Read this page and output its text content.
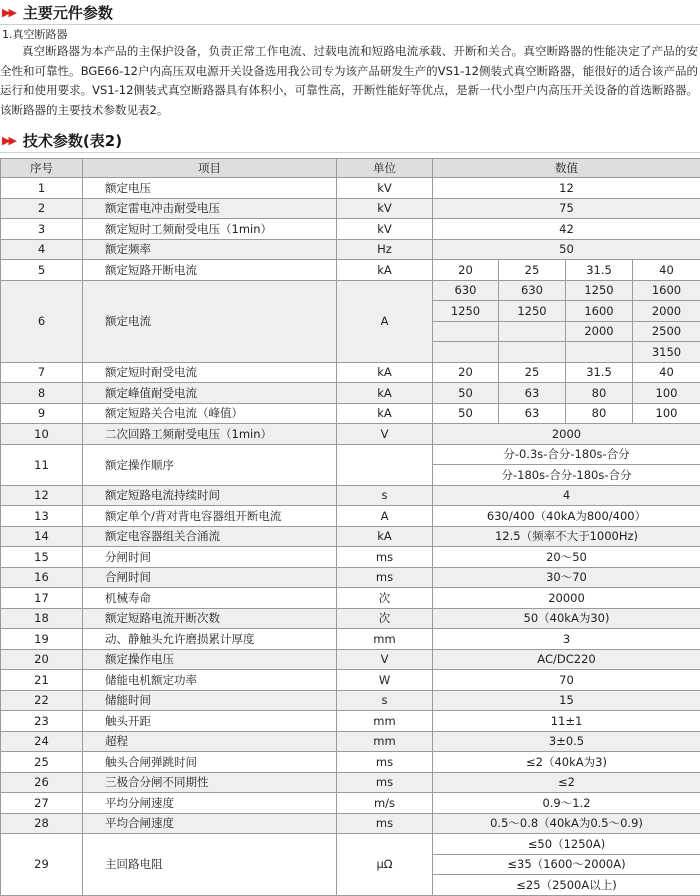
▶▶ 主要元件参数
1.真空断路器
真空断路器为本产品的主保护设备，负责正常工作电流、过载电流和短路电流承载、开断和关合。真空断路器的性能决定了产品的安全性和可靠性。BGE66-12户内高压双电源开关设备选用我公司专为该产品研发生产的VS1-12侧装式真空断路器，能很好的适合该产品的运行和使用要求。VS1-12侧装式真空断路器具有体积小，可靠性高，开断性能好等优点，是新一代小型户内高压开关设备的首选断路器。该断路器的主要技术参数见表2。
▶▶ 技术参数(表2)
序号	项目	单位	数值			
1	额定电压	kV	12			
2	额定雷电冲击耐受电压	kV	75			
3	额定短时工频耐受电压（1min）	kV	42			
4	额定频率	Hz	50			
5	额定短路开断电流	kA	20	25	31.5	40
6	额定电流	A	630	630	1250	1600
			1250	1250	1600	2000
					2000	2500
						3150
7	额定短时耐受电流	kA	20	25	31.5	40
8	额定峰值耐受电流	kA	50	63	80	100
9	额定短路关合电流（峰值）	kA	50	63	80	100
10	二次回路工频耐受电压（1min）	V	2000			
11	额定操作顺序		分-0.3s-合分-180s-合分			
			分-180s-合分-180s-合分			
12	额定短路电流持续时间	s	4			
13	额定单个/背对背电容器组开断电流	A	630/400（40kA为800/400）			
14	额定电容器组关合涌流	kA	12.5（频率不大于1000Hz)			
15	分闸时间	ms	20～50			
16	合闸时间	ms	30～70			
17	机械寿命	次	20000			
18	额定短路电流开断次数	次	50（40kA为30)			
19	动、静触头允许磨损累计厚度	mm	3			
20	额定操作电压	V	AC/DC220			
21	储能电机额定功率	W	70			
22	储能时间	s	15			
23	触头开距	mm	11±1			
24	超程	mm	3±0.5			
25	触头合闸弹跳时间	ms	≤2（40kA为3)			
26	三极合分闸不同期性	ms	≤2			
27	平均分闸速度	m/s	0.9～1.2			
28	平均合闸速度	ms	0.5～0.8（40kA为0.5～0.9)			
29	主回路电阻	μΩ	≤50（1250A)			
			≤35（1600～2000A)			
			≤25（2500A以上)			
